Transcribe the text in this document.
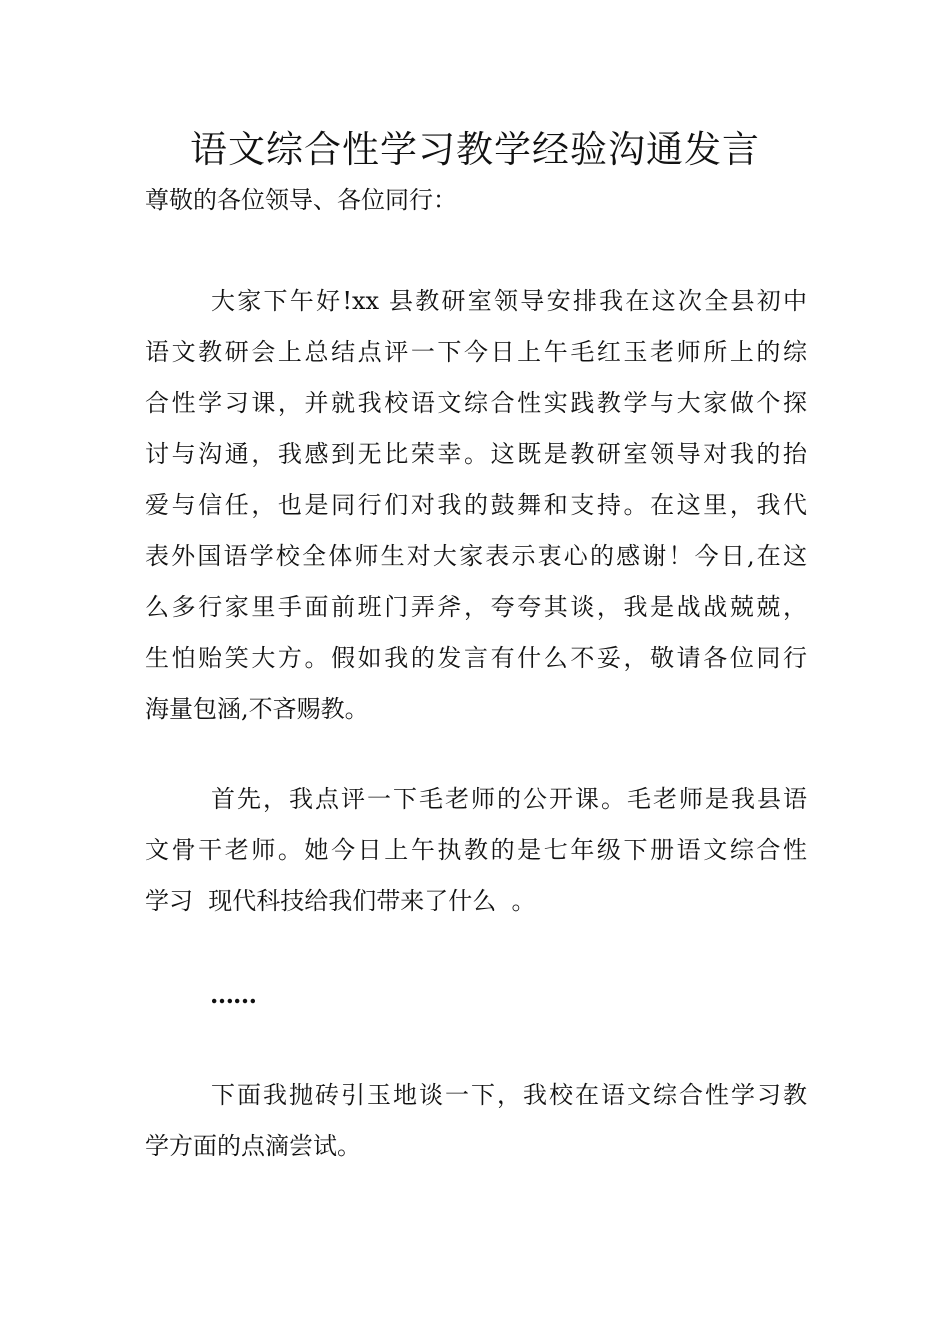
语文综合性学习教学经验沟通发言
尊敬的各位领导、各位同行：
大家下午好!xx 县教研室领导安排我在这次全县初中
语文教研会上总结点评一下今日上午毛红玉老师所上的综
合性学习课，并就我校语文综合性实践教学与大家做个探
讨与沟通，我感到无比荣幸。这既是教研室领导对我的抬
爱与信任，也是同行们对我的鼓舞和支持。在这里，我代
表外国语学校全体师生对大家表示衷心的感谢！今日,在这
么多行家里手面前班门弄斧，夸夸其谈，我是战战兢兢，
生怕贻笑大方。假如我的发言有什么不妥，敬请各位同行
海量包涵,不吝赐教。
首先，我点评一下毛老师的公开课。毛老师是我县语
文骨干老师。她今日上午执教的是七年级下册语文综合性
学习  现代科技给我们带来了什么  。
……
下面我抛砖引玉地谈一下，我校在语文综合性学习教
学方面的点滴尝试。
